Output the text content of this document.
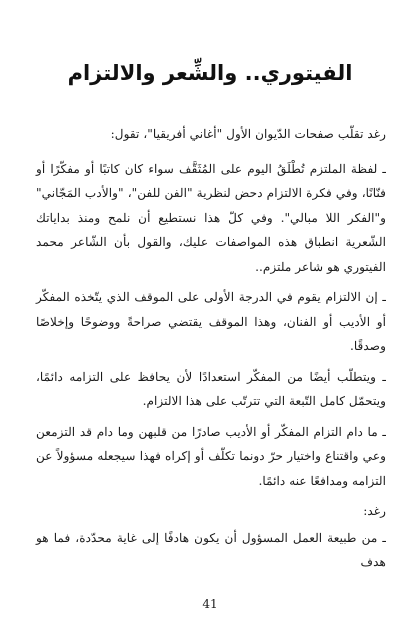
الفيتوري.. والشِّعر والالتزام

رغد تقلّب صفحات الدّيوان الأول "أغاني أفريقيا"، تقول:

ـ لفظة الملتزم تُطْلَقُ اليوم على المُثَقَّف سواء كان كاتبًا أو مفكّرًا أو فنّانًا، وفي فكرة الالتزام دحض لنظرية "الفن للفن"، "والأدب المَجّاني" و"الفكر اللا مبالي". وفي كلّ هذا نستطيع أن نلمح ومنذ بداياتك الشّعرية انطباق هذه المواصفات عليك، والقول بأن الشّاعر محمد الفيتوري هو شاعر ملتزم..

ـ إن الالتزام يقوم في الدرجة الأولى على الموقف الذي يتّخذه المفكّر أو الأديب أو الفنان، وهذا الموقف يقتضي صراحةً ووضوحًا وإخلاصًا وصدقًا.

ـ ويتطلّب أيضًا من المفكّر استعدادًا لأن يحافظ على التزامه دائمًا، ويتحمّل كامل التّبعة التي تترتّب على هذا الالتزام.

ـ ما دام التزام المفكّر أو الأديب صادرًا من قلبهن وما دام قد التزمعن وعي واقتناع واختيار حرّ دونما تكلّف أو إكراه فهذا سيجعله مسؤولاً عن التزامه ومدافعًا عنه دائمًا.

رغد:

ـ من طبيعة العمل المسؤول أن يكون هادفًا إلى غاية محدّدة، فما هو هدف

41
